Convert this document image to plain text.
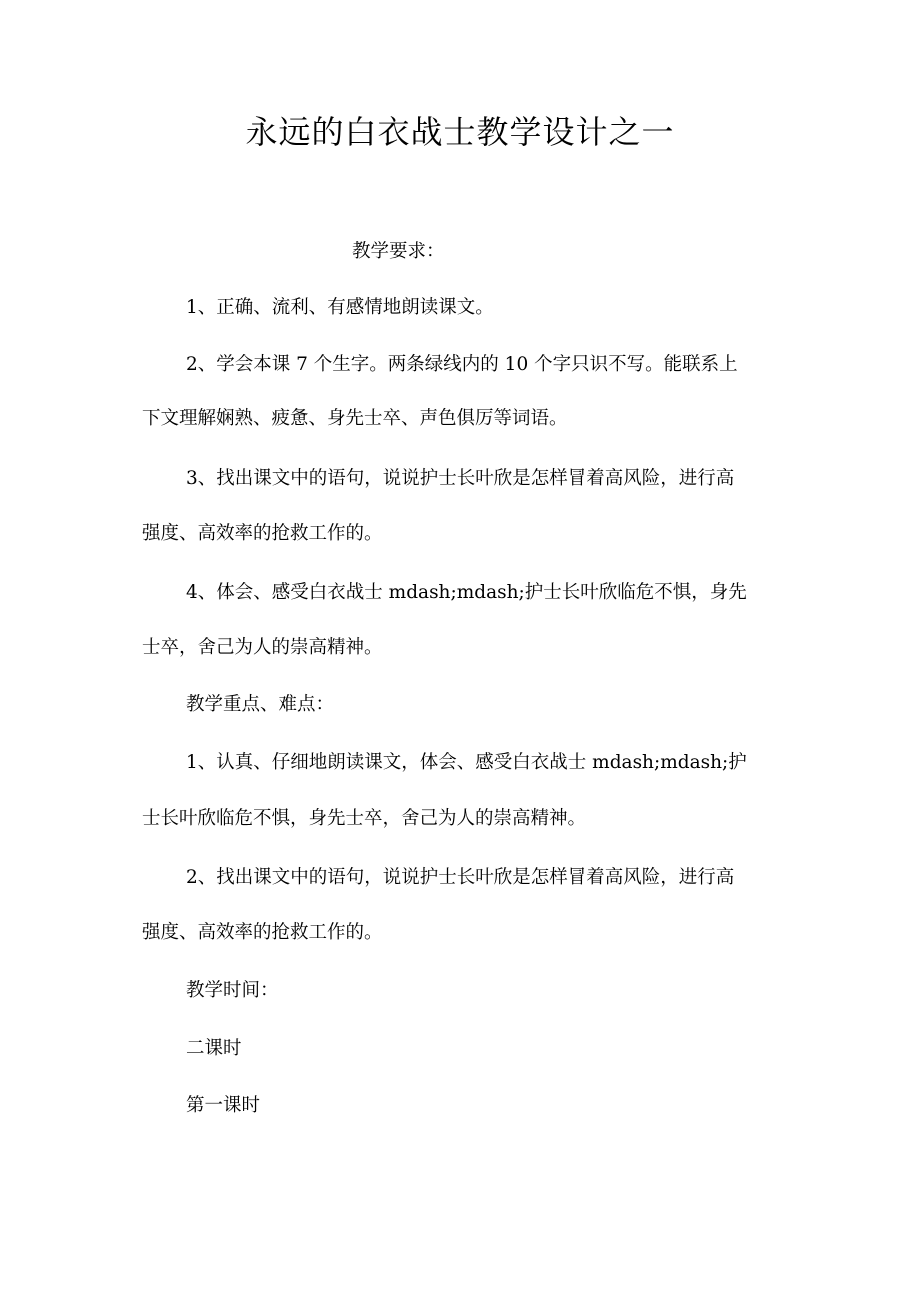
永远的白衣战士教学设计之一
教学要求：
1、正确、流利、有感情地朗读课文。
2、学会本课 7 个生字。两条绿线内的 10 个字只识不写。能联系上
下文理解娴熟、疲惫、身先士卒、声色俱厉等词语。
3、找出课文中的语句，说说护士长叶欣是怎样冒着高风险，进行高
强度、高效率的抢救工作的。
4、体会、感受白衣战士 mdash;mdash;护士长叶欣临危不惧，身先
士卒，舍己为人的崇高精神。
教学重点、难点：
1、认真、仔细地朗读课文，体会、感受白衣战士 mdash;mdash;护
士长叶欣临危不惧，身先士卒，舍己为人的崇高精神。
2、找出课文中的语句，说说护士长叶欣是怎样冒着高风险，进行高
强度、高效率的抢救工作的。
教学时间：
二课时
第一课时
